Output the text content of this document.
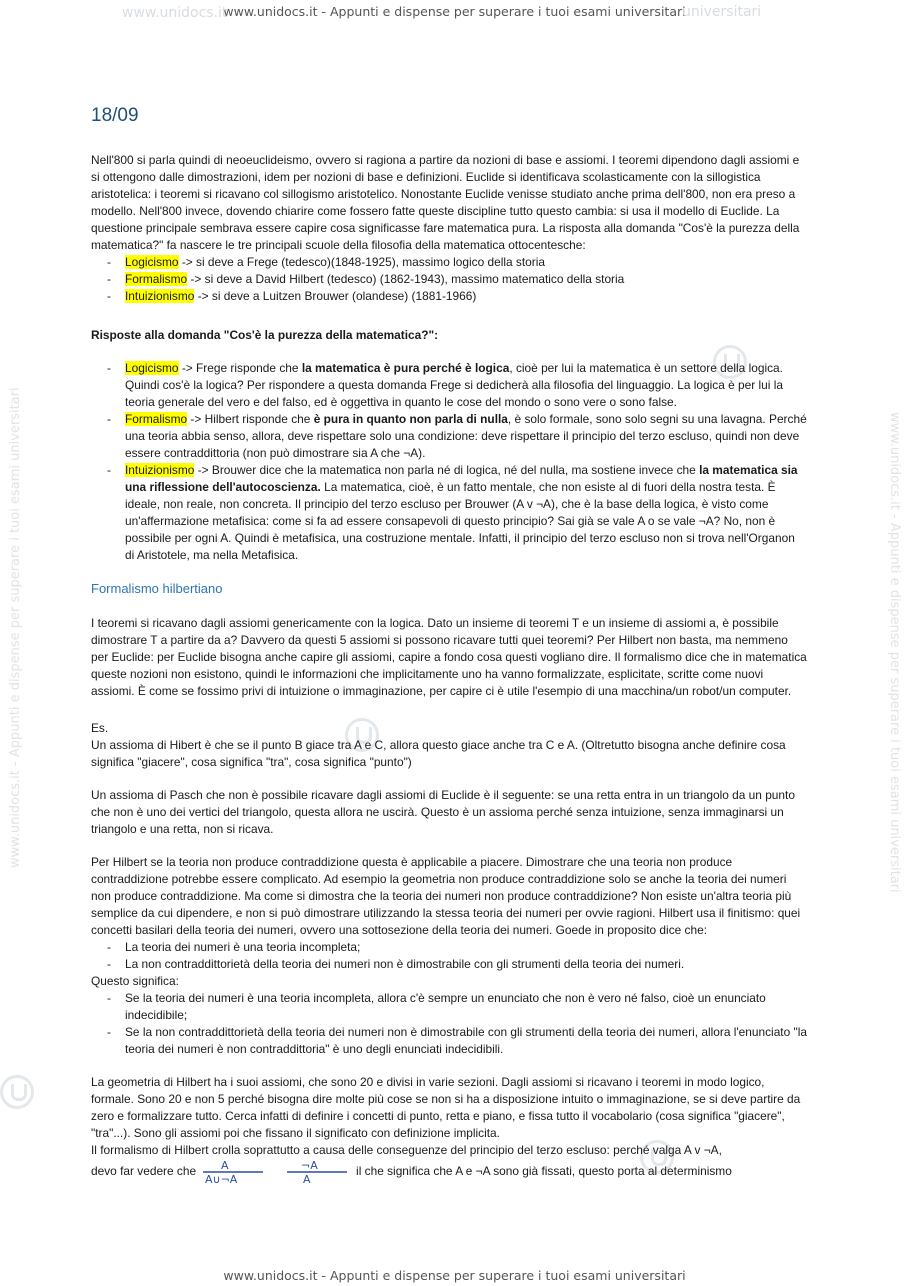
www.unidocs.it - Appunti e dispense per superare i tuoi esami universitari
www.unidocs.it	universitari
www.unidocs.it - Appunti e dispense per superare i tuoi esami universitari	www.unidocs.it - Appunti e dispense per superare i tuoi esami universitari
18/09

Nell'800 si parla quindi di neoeuclideismo, ovvero si ragiona a partire da nozioni di base e assiomi. I teoremi dipendono dagli assiomi e si ottengono dalle dimostrazioni, idem per nozioni di base e definizioni. Euclide si identificava scolasticamente con la sillogistica aristotelica: i teoremi si ricavano col sillogismo aristotelico. Nonostante Euclide venisse studiato anche prima dell'800, non era preso a modello. Nell'800 invece, dovendo chiarire come fossero fatte queste discipline tutto questo cambia: si usa il modello di Euclide. La questione principale sembrava essere capire cosa significasse fare matematica pura. La risposta alla domanda "Cos'è la purezza della matematica?" fa nascere le tre principali scuole della filosofia della matematica ottocentesche:

- Logicismo -> si deve a Frege (tedesco)(1848-1925), massimo logico della storia
- Formalismo -> si deve a David Hilbert (tedesco) (1862-1943), massimo matematico della storia
- Intuizionismo -> si deve a Luitzen Brouwer (olandese) (1881-1966)

Risposte alla domanda "Cos'è la purezza della matematica?":

- Logicismo -> Frege risponde che la matematica è pura perché è logica, cioè per lui la matematica è un settore della logica. Quindi cos'è la logica? Per rispondere a questa domanda Frege si dedicherà alla filosofia del linguaggio. La logica è per lui la teoria generale del vero e del falso, ed è oggettiva in quanto le cose del mondo o sono vere o sono false.
- Formalismo -> Hilbert risponde che è pura in quanto non parla di nulla, è solo formale, sono solo segni su una lavagna. Perché una teoria abbia senso, allora, deve rispettare solo una condizione: deve rispettare il principio del terzo escluso, quindi non deve essere contraddittoria (non può dimostrare sia A che ¬A).
- Intuizionismo -> Brouwer dice che la matematica non parla né di logica, né del nulla, ma sostiene invece che la matematica sia una riflessione dell'autocoscienza. La matematica, cioè, è un fatto mentale, che non esiste al di fuori della nostra testa. È ideale, non reale, non concreta. Il principio del terzo escluso per Brouwer (A v ¬A), che è la base della logica, è visto come un'affermazione metafisica: come si fa ad essere consapevoli di questo principio? Sai già se vale A o se vale ¬A? No, non è possibile per ogni A. Quindi è metafisica, una costruzione mentale. Infatti, il principio del terzo escluso non si trova nell'Organon di Aristotele, ma nella Metafisica.
Formalismo hilbertiano

I teoremi si ricavano dagli assiomi genericamente con la logica. Dato un insieme di teoremi T e un insieme di assiomi a, è possibile dimostrare T a partire da a? Davvero da questi 5 assiomi si possono ricavare tutti quei teoremi? Per Hilbert non basta, ma nemmeno per Euclide: per Euclide bisogna anche capire gli assiomi, capire a fondo cosa questi vogliano dire. Il formalismo dice che in matematica queste nozioni non esistono, quindi le informazioni che implicitamente uno ha vanno formalizzate, esplicitate, scritte come nuovi assiomi. È come se fossimo privi di intuizione o immaginazione, per capire ci è utile l'esempio di una macchina/un robot/un computer.

Es.

Un assioma di Hibert è che se il punto B giace tra A e C, allora questo giace anche tra C e A. (Oltretutto bisogna anche definire cosa significa "giacere", cosa significa "tra", cosa significa "punto")

Un assioma di Pasch che non è possibile ricavare dagli assiomi di Euclide è il seguente: se una retta entra in un triangolo da un punto che non è uno dei vertici del triangolo, questa allora ne uscirà. Questo è un assioma perché senza intuizione, senza immaginarsi un triangolo e una retta, non si ricava.

Per Hilbert se la teoria non produce contraddizione questa è applicabile a piacere. Dimostrare che una teoria non produce contraddizione potrebbe essere complicato. Ad esempio la geometria non produce contraddizione solo se anche la teoria dei numeri non produce contraddizione. Ma come si dimostra che la teoria dei numeri non produce contraddizione? Non esiste un'altra teoria più semplice da cui dipendere, e non si può dimostrare utilizzando la stessa teoria dei numeri per ovvie ragioni. Hilbert usa il finitismo: quei concetti basilari della teoria dei numeri, ovvero una sottosezione della teoria dei numeri. Goede in proposito dice che:

- La teoria dei numeri è una teoria incompleta;
- La non contraddittorietà della teoria dei numeri non è dimostrabile con gli strumenti della teoria dei numeri.

Questo significa:

- Se la teoria dei numeri è una teoria incompleta, allora c'è sempre un enunciato che non è vero né falso, cioè un enunciato indecidibile;
- Se la non contraddittorietà della teoria dei numeri non è dimostrabile con gli strumenti della teoria dei numeri, allora l'enunciato "la teoria dei numeri è non contraddittoria" è uno degli enunciati indecidibili.

La geometria di Hilbert ha i suoi assiomi, che sono 20 e divisi in varie sezioni. Dagli assiomi si ricavano i teoremi in modo logico, formale. Sono 20 e non 5 perché bisogna dire molte più cose se non si ha a disposizione intuito o immaginazione, se si deve partire da zero e formalizzare tutto. Cerca infatti di definire i concetti di punto, retta e piano, e fissa tutto il vocabolario (cosa significa "giacere", "tra"...). Sono gli assiomi poi che fissano il significato con definizione implicita.

Il formalismo di Hilbert crolla soprattutto a causa delle conseguenze del principio del terzo escluso: perché valga A v ¬A,

devo far vedere che A
A∪¬A

¬A
A
il che significa che A e ¬A sono già fissati, questo porta al determinismo

www.unidocs.it - Appunti e dispense per superare i tuoi esami universitari
